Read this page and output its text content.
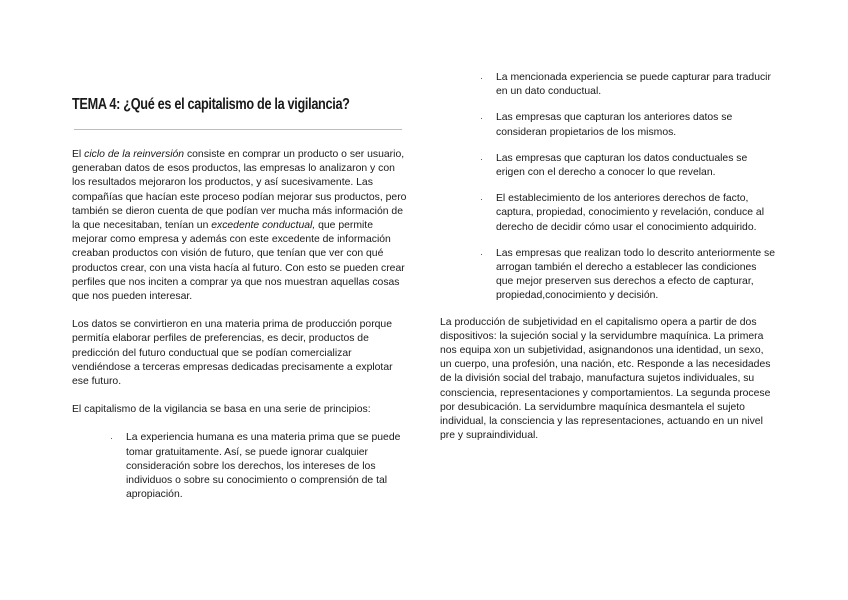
TEMA 4: ¿Qué es el capitalismo de la vigilancia?

El ciclo de la reinversión consiste en comprar un producto o ser usuario, generaban datos de esos productos, las empresas lo analizaron y con los resultados mejoraron los productos, y así sucesivamente. Las compañías que hacían este proceso podían mejorar sus productos, pero también se dieron cuenta de que podían ver mucha más información de la que necesitaban, tenían un excedente conductual, que permite mejorar como empresa y además con este excedente de información creaban productos con visión de futuro, que tenían que ver con qué productos crear, con una vista hacía al futuro. Con esto se pueden crear perfiles que nos inciten a comprar ya que nos muestran aquellas cosas que nos pueden interesar.

Los datos se convirtieron en una materia prima de producción porque permitía elaborar perfiles de preferencias, es decir, productos de predicción del futuro conductual que se podían comercializar vendiéndose a terceras empresas dedicadas precisamente a explotar ese futuro.

El capitalismo de la vigilancia se basa en una serie de principios:

· La experiencia humana es una materia prima que se puede tomar gratuitamente. Así, se puede ignorar cualquier consideración sobre los derechos, los intereses de los individuos o sobre su conocimiento o comprensión de tal apropiación.
· La mencionada experiencia se puede capturar para traducir en un dato conductual.
· Las empresas que capturan los anteriores datos se consideran propietarios de los mismos.
· Las empresas que capturan los datos conductuales se erigen con el derecho a conocer lo que revelan.
· El establecimiento de los anteriores derechos de facto, captura, propiedad, conocimiento y revelación, conduce al derecho de decidir cómo usar el conocimiento adquirido.
· Las empresas que realizan todo lo descrito anteriormente se arrogan también el derecho a establecer las condiciones que mejor preserven sus derechos a efecto de capturar, propiedad,conocimiento y decisión.

La producción de subjetividad en el capitalismo opera a partir de dos dispositivos: la sujeción social y la servidumbre maquínica. La primera nos equipa xon un subjetividad, asignandonos una identidad, un sexo, un cuerpo, una profesión, una nación, etc. Responde a las necesidades de la división social del trabajo, manufactura sujetos individuales, su consciencia, representaciones y comportamientos. La segunda procese por desubicación. La servidumbre maquínica desmantela el sujeto individual, la consciencia y las representaciones, actuando en un nivel pre y supraindividual.
